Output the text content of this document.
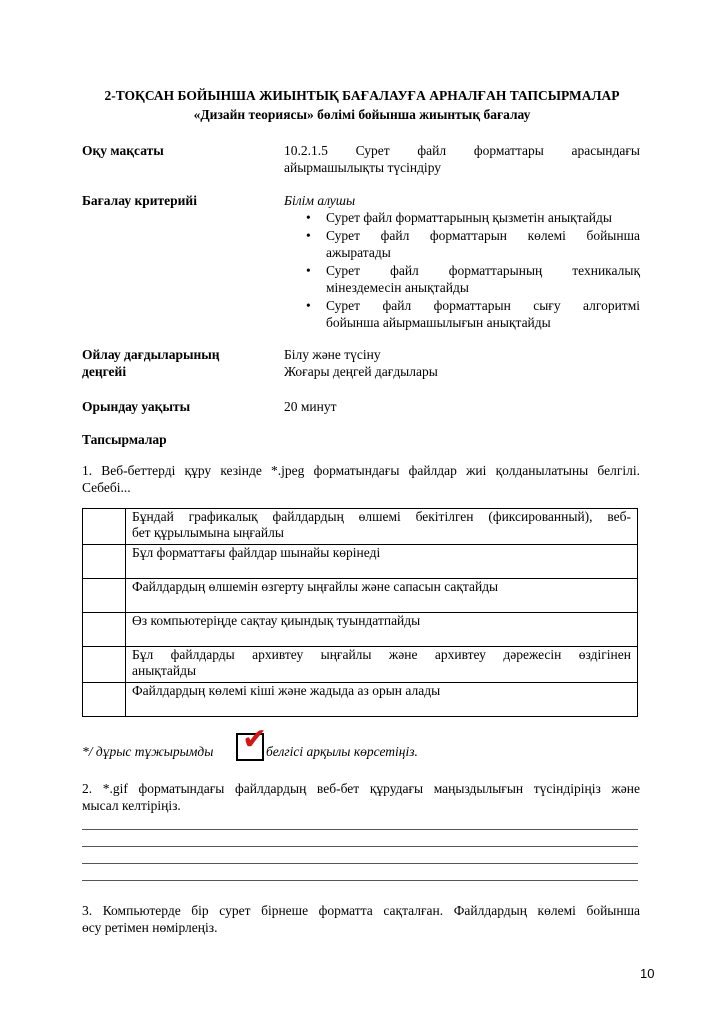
2-ТОҚСАН БОЙЫНША ЖИЫНТЫҚ БАҒАЛАУҒА АРНАЛҒАН ТАПСЫРМАЛАР
«Дизайн теориясы» бөлімі бойынша жиынтық бағалау
Оқу мақсаты	10.2.1.5 Сурет файл форматтары арасындағы
айырмашылықты түсіндіру
Бағалау критерийі	Білім алушы
• Сурет файл форматтарының қызметін анықтайды
• Сурет файл форматтарын көлемі бойынша
ажыратады
• Сурет файл форматтарының техникалық
мінездемесін анықтайды
• Сурет файл форматтарын сығу алгоритмі
бойынша айырмашылығын анықтайды
Ойлау дағдыларының
деңгейі
Білу және түсіну
Жоғары деңгей дағдылары
Орындау уақыты	20 минут
Тапсырмалар
1. Веб-беттерді құру кезінде *.jpeg форматындағы файлдар жиі қолданылатыны белгілі.
Себебі...

	Бұндай графикалық файлдардың өлшемі бекітілген (фиксированный), веб-
бет құрылымына ыңғайлы

	Бұл форматтағы файлдар шынайы көрінеді
	Файлдардың өлшемін өзгерту ыңғайлы және сапасын сақтайды
	Өз компьютеріңде сақтау қиындық туындатпайды

	Бұл файлдарды архивтеу ыңғайлы және архивтеу дәрежесін өздігінен
анықтайды

	Файлдардың көлемі кіші және жадыда аз орын алады
*/ дұрыс тұжырымды ✔
белгісі арқылы көрсетіңіз.
2. *.gif форматындағы файлдардың веб-бет құрудағы маңыздылығын түсіндіріңіз және
мысал келтіріңіз.
3. Компьютерде бір сурет бірнеше форматта сақталған. Файлдардың көлемі бойынша
өсу ретімен нөмірлеңіз.
10
